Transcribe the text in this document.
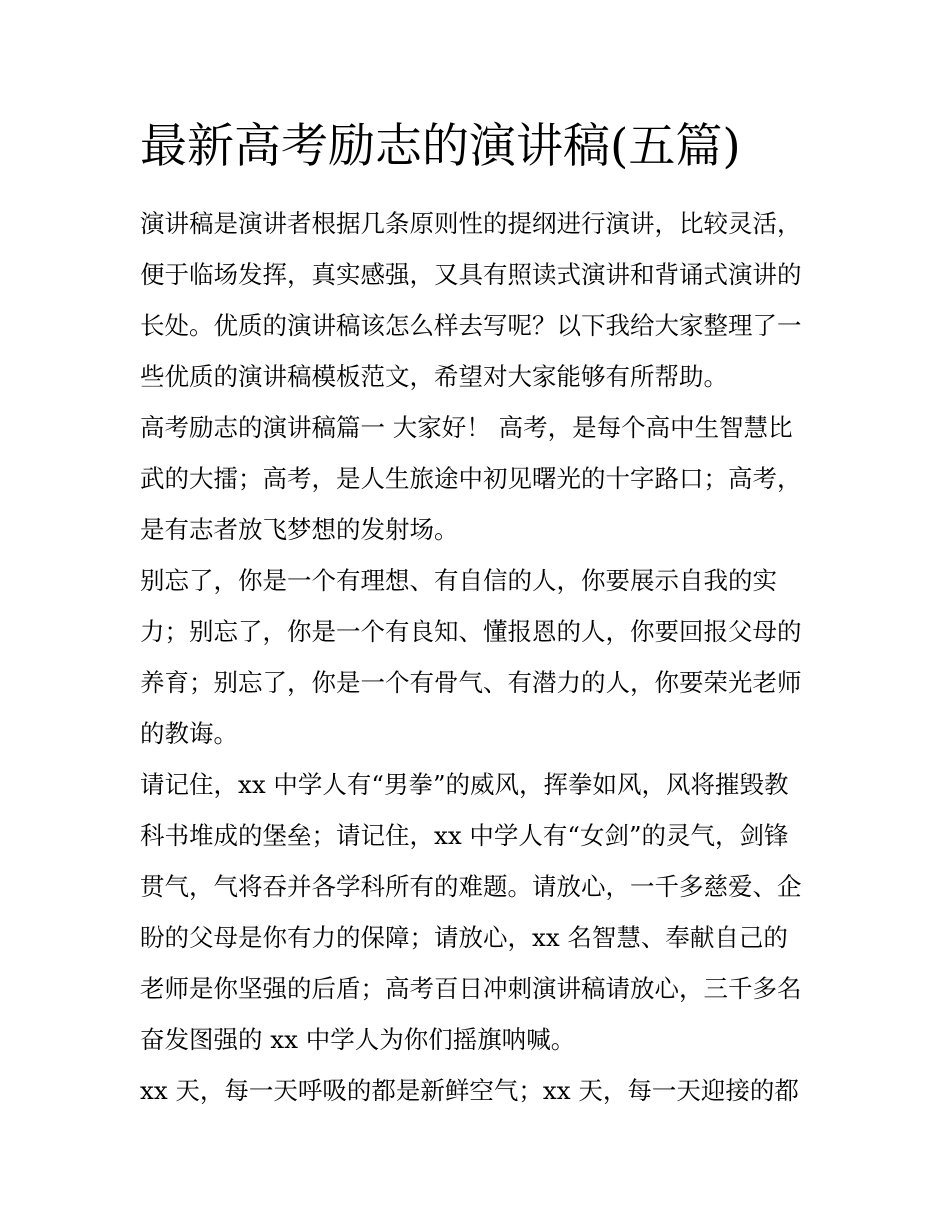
最新高考励志的演讲稿(五篇)

演讲稿是演讲者根据几条原则性的提纲进行演讲，比较灵活，
便于临场发挥，真实感强，又具有照读式演讲和背诵式演讲的
长处。优质的演讲稿该怎么样去写呢？以下我给大家整理了一
些优质的演讲稿模板范文，希望对大家能够有所帮助。

高考励志的演讲稿篇一 大家好！ 高考，是每个高中生智慧比
武的大擂；高考，是人生旅途中初见曙光的十字路口；高考，
是有志者放飞梦想的发射场。

别忘了，你是一个有理想、有自信的人，你要展示自我的实
力；别忘了，你是一个有良知、懂报恩的人，你要回报父母的
养育；别忘了，你是一个有骨气、有潜力的人，你要荣光老师
的教诲。

请记住，xx 中学人有“男拳”的威风，挥拳如风，风将摧毁教
科书堆成的堡垒；请记住，xx 中学人有“女剑”的灵气，剑锋
贯气，气将吞并各学科所有的难题。请放心，一千多慈爱、企
盼的父母是你有力的保障；请放心，xx 名智慧、奉献自己的
老师是你坚强的后盾；高考百日冲刺演讲稿请放心，三千多名
奋发图强的 xx 中学人为你们摇旗呐喊。

xx 天，每一天呼吸的都是新鲜空气；xx 天，每一天迎接的都
